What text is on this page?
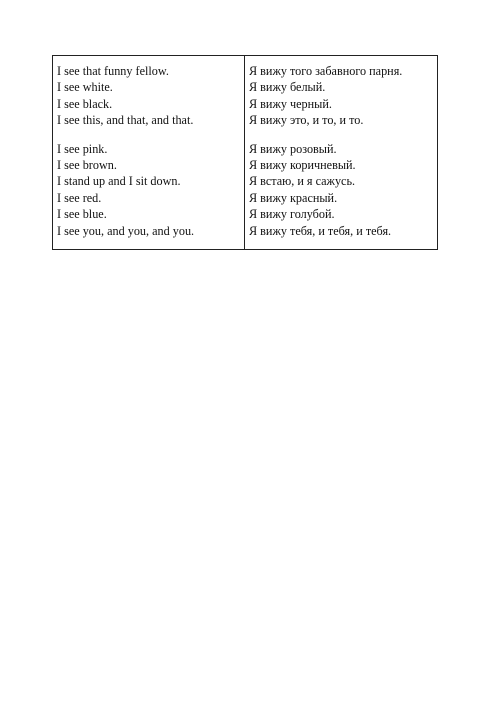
I see that funny fellow.
I see white.
I see black.
I see this, and that, and that.
I see pink.
I see brown.
I stand up and I sit down.
I see red.
I see blue.
I see you, and you, and you.
Я вижу того забавного парня.
Я вижу белый.
Я вижу черный.
Я вижу это, и то, и то.
Я вижу розовый.
Я вижу коричневый.
Я встаю, и я сажусь.
Я вижу красный.
Я вижу голубой.
Я вижу тебя, и тебя, и тебя.
